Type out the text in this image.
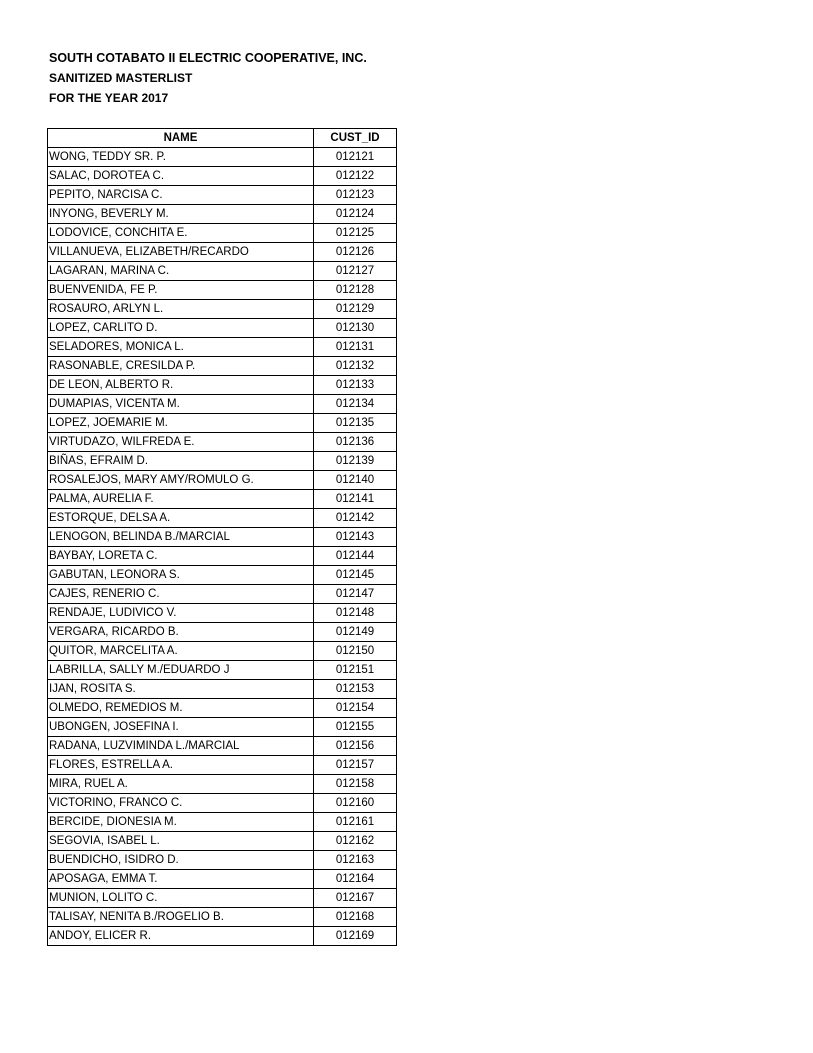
SOUTH COTABATO II ELECTRIC COOPERATIVE, INC.
SANITIZED MASTERLIST
FOR THE YEAR 2017
NAME	CUST_ID
WONG, TEDDY SR. P.	012121
SALAC, DOROTEA C.	012122
PEPITO, NARCISA C.	012123
INYONG, BEVERLY M.	012124
LODOVICE, CONCHITA E.	012125
VILLANUEVA, ELIZABETH/RECARDO	012126
LAGARAN, MARINA C.	012127
BUENVENIDA, FE P.	012128
ROSAURO, ARLYN L.	012129
LOPEZ, CARLITO D.	012130
SELADORES, MONICA L.	012131
RASONABLE, CRESILDA P.	012132
DE LEON, ALBERTO R.	012133
DUMAPIAS, VICENTA M.	012134
LOPEZ, JOEMARIE M.	012135
VIRTUDAZO, WILFREDA E.	012136
BIÑAS, EFRAIM D.	012139
ROSALEJOS, MARY AMY/ROMULO G.	012140
PALMA, AURELIA F.	012141
ESTORQUE, DELSA A.	012142
LENOGON, BELINDA B./MARCIAL	012143
BAYBAY, LORETA C.	012144
GABUTAN, LEONORA S.	012145
CAJES, RENERIO C.	012147
RENDAJE, LUDIVICO V.	012148
VERGARA, RICARDO B.	012149
QUITOR, MARCELITA A.	012150
LABRILLA, SALLY M./EDUARDO J	012151
IJAN, ROSITA S.	012153
OLMEDO, REMEDIOS M.	012154
UBONGEN, JOSEFINA I.	012155
RADANA, LUZVIMINDA L./MARCIAL	012156
FLORES, ESTRELLA A.	012157
MIRA, RUEL A.	012158
VICTORINO, FRANCO C.	012160
BERCIDE, DIONESIA M.	012161
SEGOVIA, ISABEL L.	012162
BUENDICHO, ISIDRO D.	012163
APOSAGA, EMMA T.	012164
MUNION, LOLITO C.	012167
TALISAY, NENITA B./ROGELIO B.	012168
ANDOY, ELICER R.	012169
